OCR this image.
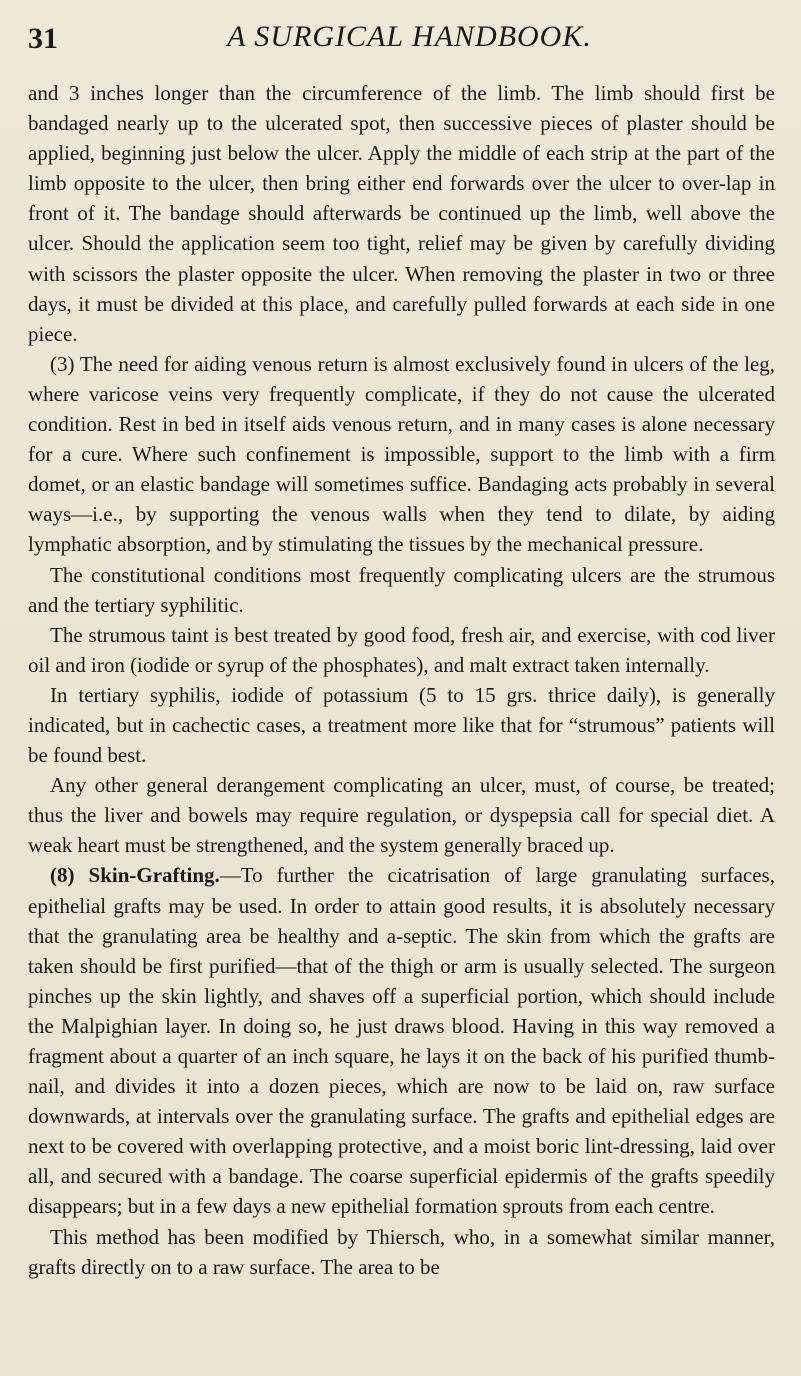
31	A SURGICAL HANDBOOK.

and 3 inches longer than the circumference of the limb. The limb should first be bandaged nearly up to the ulcerated spot, then successive pieces of plaster should be applied, beginning just below the ulcer. Apply the middle of each strip at the part of the limb opposite to the ulcer, then bring either end forwards over the ulcer to over-lap in front of it. The bandage should afterwards be continued up the limb, well above the ulcer. Should the application seem too tight, relief may be given by carefully dividing with scissors the plaster opposite the ulcer. When removing the plaster in two or three days, it must be divided at this place, and carefully pulled forwards at each side in one piece.

(3) The need for aiding venous return is almost exclusively found in ulcers of the leg, where varicose veins very frequently complicate, if they do not cause the ulcerated condition. Rest in bed in itself aids venous return, and in many cases is alone necessary for a cure. Where such confinement is impossible, support to the limb with a firm domet, or an elastic bandage will sometimes suffice. Bandaging acts probably in several ways—i.e., by supporting the venous walls when they tend to dilate, by aiding lymphatic absorption, and by stimulating the tissues by the mechanical pressure.

The constitutional conditions most frequently complicating ulcers are the strumous and the tertiary syphilitic.

The strumous taint is best treated by good food, fresh air, and exercise, with cod liver oil and iron (iodide or syrup of the phosphates), and malt extract taken internally.

In tertiary syphilis, iodide of potassium (5 to 15 grs. thrice daily), is generally indicated, but in cachectic cases, a treatment more like that for “strumous” patients will be found best.

Any other general derangement complicating an ulcer, must, of course, be treated; thus the liver and bowels may require regulation, or dyspepsia call for special diet. A weak heart must be strengthened, and the system generally braced up.

(8) Skin-Grafting.—To further the cicatrisation of large granulating surfaces, epithelial grafts may be used. In order to attain good results, it is absolutely necessary that the granulating area be healthy and a-septic. The skin from which the grafts are taken should be first purified—that of the thigh or arm is usually selected. The surgeon pinches up the skin lightly, and shaves off a superficial portion, which should include the Malpighian layer. In doing so, he just draws blood. Having in this way removed a fragment about a quarter of an inch square, he lays it on the back of his purified thumb-nail, and divides it into a dozen pieces, which are now to be laid on, raw surface downwards, at intervals over the granulating surface. The grafts and epithelial edges are next to be covered with overlapping protective, and a moist boric lint-dressing, laid over all, and secured with a bandage. The coarse superficial epidermis of the grafts speedily disappears; but in a few days a new epithelial formation sprouts from each centre.

This method has been modified by Thiersch, who, in a somewhat similar manner, grafts directly on to a raw surface. The area to be
